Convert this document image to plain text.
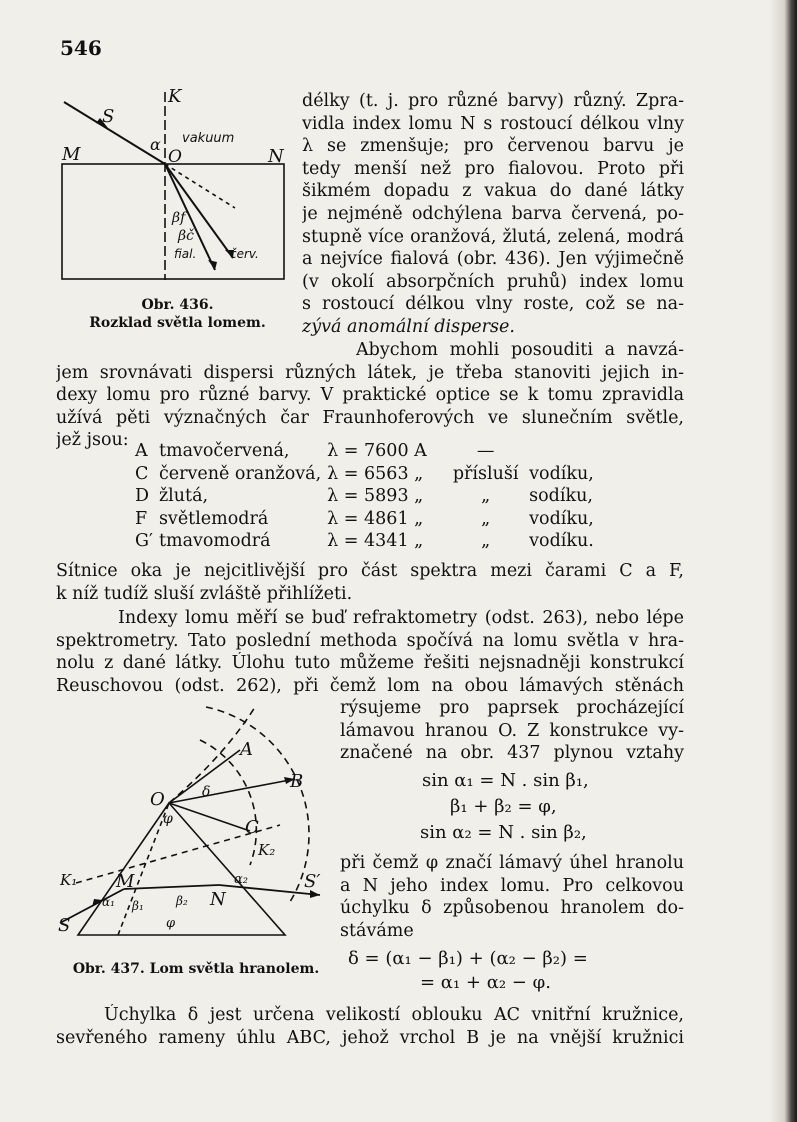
546
S
K
α vakuum
M	O	N
βf
βč
fial.	červ.
Obr. 436.
Rozklad světla lomem.
délky (t. j. pro různé barvy) různý. Zpra-
vidla index lomu N s rostoucí délkou vlny
λ se zmenšuje; pro červenou barvu je
tedy menší než pro fialovou. Proto při
šikmém dopadu z vakua do dané látky
je nejméně odchýlena barva červená, po-
stupně více oranžová, žlutá, zelená, modrá
a nejvíce fialová (obr. 436). Jen výjimečně
(v okolí absorpčních pruhů) index lomu
s rostoucí délkou vlny roste, což se na-
zývá anomální disperse.
Abychom mohli posouditi a navzá-
jem srovnávati dispersi různých látek, je třeba stanoviti jejich in-
dexy lomu pro různé barvy. V praktické optice se k tomu zpravidla
užívá pěti význačných čar Fraunhoferových ve slunečním světle,
jež jsou:
A	tmavočervená,	λ = 7600 A	—	
C	červeně oranžová,	λ = 6563 „	přísluší	vodíku,
D	žlutá,	λ = 5893 „	„	sodíku,
F	světlemodrá	λ = 4861 „	„	vodíku,
G′	tmavomodrá	λ = 4341 „	„	vodíku.
Sítnice oka je nejcitlivější pro část spektra mezi čarami C a F,
k níž tudíž sluší zvláště přihlížeti.
Indexy lomu měří se buď refraktometry (odst. 263), nebo lépe
spektrometry. Tato poslední methoda spočívá na lomu světla v hra-
nolu z dané látky. Úlohu tuto můžeme řešiti nejsnadněji konstrukcí
Reuschovou (odst. 262), při čemž lom na obou lámavých stěnách
A
B
O	δ
φ	C
K₂
K₁ M
α₁ β₁	β₂
α₂
N
S′
S	φ
Obr. 437. Lom světla hranolem.
rýsujeme pro paprsek procházející
lámavou hranou O. Z konstrukce vy-
značené na obr. 437 plynou vztahy
sin α₁ = N . sin β₁,
β₁ + β₂ = φ,
sin α₂ = N . sin β₂,
při čemž φ značí lámavý úhel hranolu
a N jeho index lomu. Pro celkovou
úchylku δ způsobenou hranolem do-
stáváme
δ = (α₁ − β₁) + (α₂ − β₂) =
= α₁ + α₂ − φ.
Úchylka δ jest určena velikostí oblouku AC vnitřní kružnice,
sevřeného rameny úhlu ABC, jehož vrchol B je na vnější kružnici
